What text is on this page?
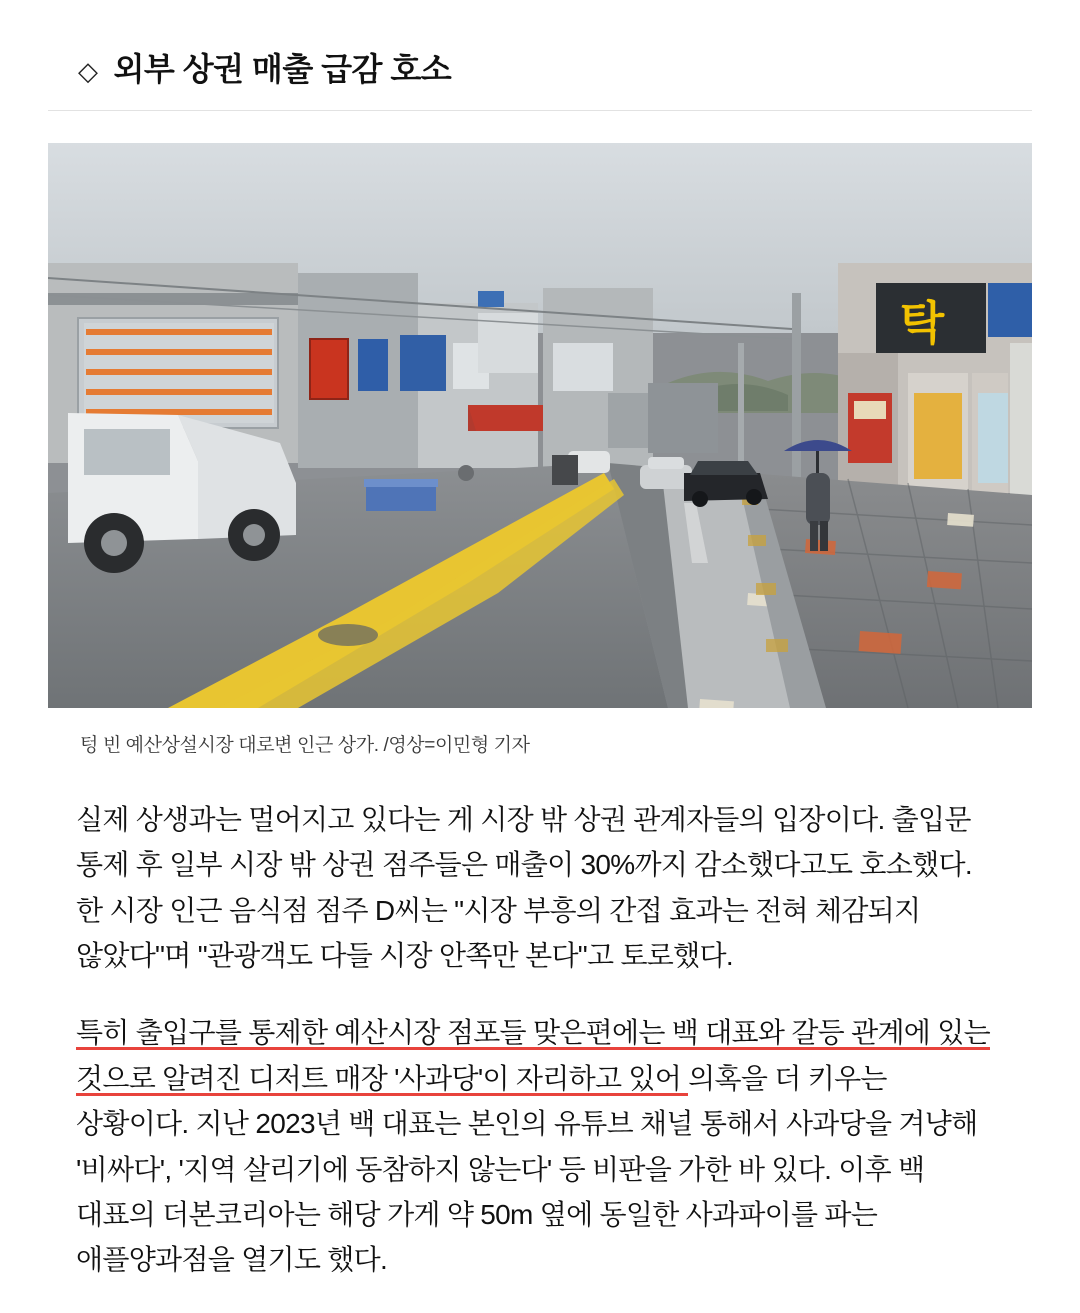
◇ 외부 상권 매출 급감 호소
탁
텅 빈 예산상설시장 대로변 인근 상가. /영상=이민형 기자

실제 상생과는 멀어지고 있다는 게 시장 밖 상권 관계자들의 입장이다. 출입문 통제 후 일부 시장 밖 상권 점주들은 매출이 30%까지 감소했다고도 호소했다. 한 시장 인근 음식점 점주 D씨는 "시장 부흥의 간접 효과는 전혀 체감되지 않았다"며 "관광객도 다들 시장 안쪽만 본다"고 토로했다.

특히 출입구를 통제한 예산시장 점포들 맞은편에는 백 대표와 갈등 관계에 있는 것으로 알려진 디저트 매장 '사과당'이 자리하고 있어 의혹을 더 키우는 상황이다. 지난 2023년 백 대표는 본인의 유튜브 채널 통해서 사과당을 겨냥해 '비싸다', '지역 살리기에 동참하지 않는다' 등 비판을 가한 바 있다. 이후 백 대표의 더본코리아는 해당 가게 약 50m 옆에 동일한 사과파이를 파는 애플양과점을 열기도 했다.
